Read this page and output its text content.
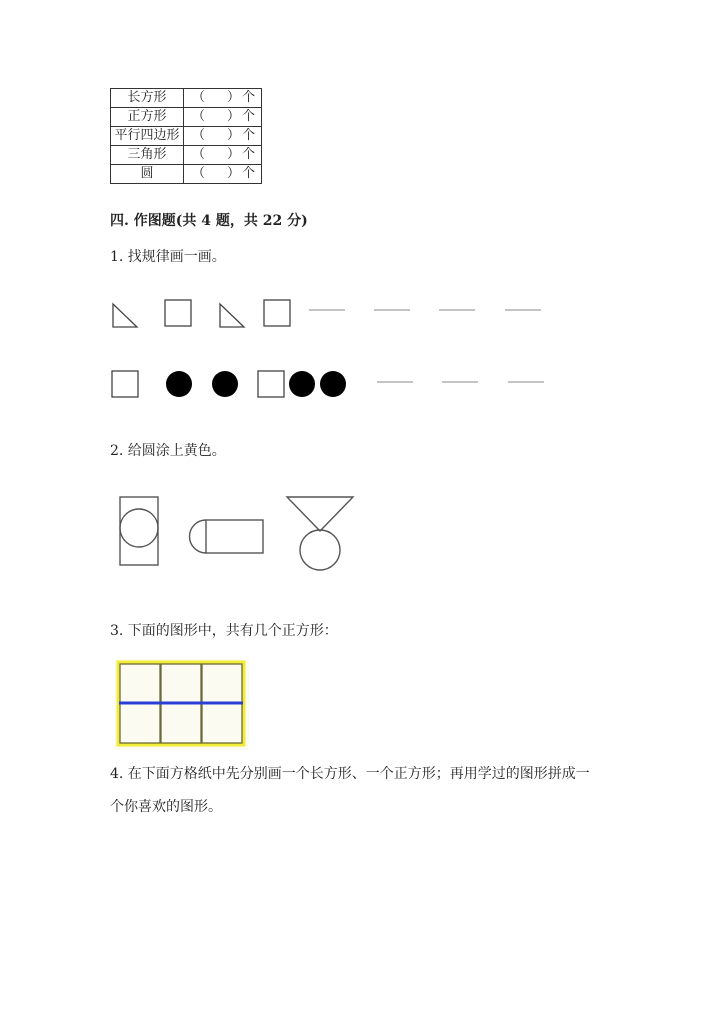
长方形	（ ） 个

正方形	（ ） 个

平行四边形	（ ） 个

三角形	（ ） 个

圆	（ ） 个
四. 作图题(共 4 题，共 22 分)
1. 找规律画一画。
2. 给圆涂上黄色。
3. 下面的图形中，共有几个正方形：
4. 在下面方格纸中先分别画一个长方形、一个正方形；再用学过的图形拼成一
个你喜欢的图形。
